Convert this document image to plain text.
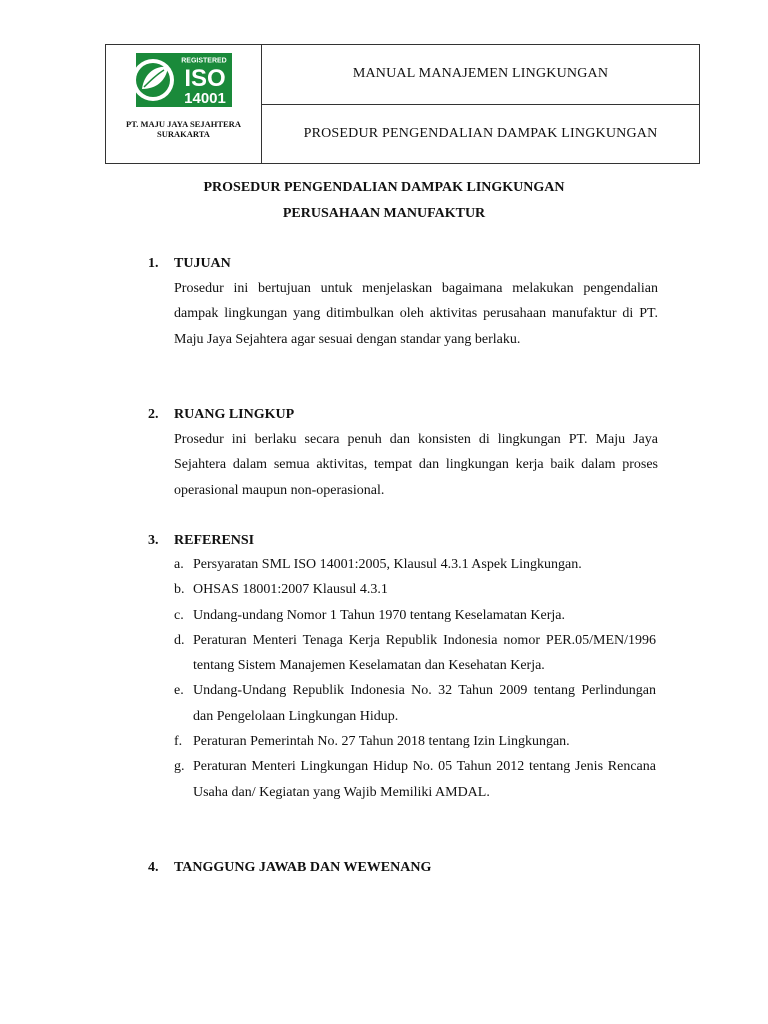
REGISTERED
ISO
14001
PT. MAJU JAYA SEJAHTERA
SURAKARTA
MANUAL MANAJEMEN LINGKUNGAN
PROSEDUR PENGENDALIAN DAMPAK LINGKUNGAN
PROSEDUR PENGENDALIAN DAMPAK LINGKUNGAN
PERUSAHAAN MANUFAKTUR
1. TUJUAN
Prosedur ini bertujuan untuk menjelaskan bagaimana melakukan pengendalian dampak lingkungan yang ditimbulkan oleh aktivitas perusahaan manufaktur di PT. Maju Jaya Sejahtera agar sesuai dengan standar yang berlaku.
2. RUANG LINGKUP
Prosedur ini berlaku secara penuh dan konsisten di lingkungan PT. Maju Jaya Sejahtera dalam semua aktivitas, tempat dan lingkungan kerja baik dalam proses operasional maupun non-operasional.
3. REFERENSI
a. Persyaratan SML ISO 14001:2005, Klausul 4.3.1 Aspek Lingkungan.
b. OHSAS 18001:2007 Klausul 4.3.1
c. Undang-undang Nomor 1 Tahun 1970 tentang Keselamatan Kerja.
d. Peraturan Menteri Tenaga Kerja Republik Indonesia nomor PER.05/MEN/1996 tentang Sistem Manajemen Keselamatan dan Kesehatan Kerja.
e. Undang-Undang Republik Indonesia No. 32 Tahun 2009 tentang Perlindungan dan Pengelolaan Lingkungan Hidup.
f. Peraturan Pemerintah No. 27 Tahun 2018 tentang Izin Lingkungan.
g. Peraturan Menteri Lingkungan Hidup No. 05 Tahun 2012 tentang Jenis Rencana Usaha dan/ Kegiatan yang Wajib Memiliki AMDAL.
4. TANGGUNG JAWAB DAN WEWENANG
